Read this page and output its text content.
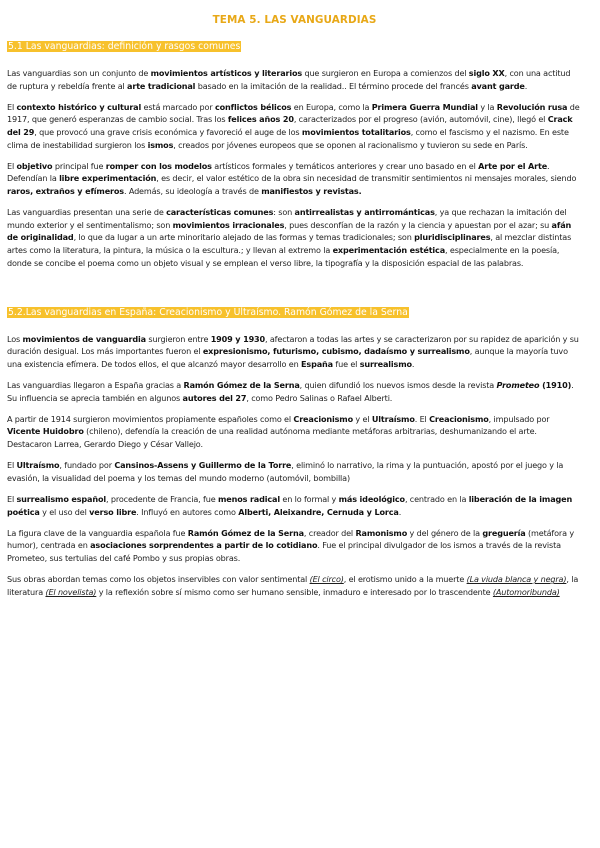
TEMA 5. LAS VANGUARDIAS
5.1 Las vanguardias: definición y rasgos comunes

Las vanguardias son un conjunto de movimientos artísticos y literarios que surgieron en Europa a comienzos del siglo XX, con una actitud de ruptura y rebeldía frente al arte tradicional basado en la imitación de la realidad.. El término procede del francés avant garde.

El contexto histórico y cultural está marcado por conflictos bélicos en Europa, como la Primera Guerra Mundial y la Revolución rusa de 1917, que generó esperanzas de cambio social. Tras los felices años 20, caracterizados por el progreso (avión, automóvil, cine), llegó el Crack del 29, que provocó una grave crisis económica y favoreció el auge de los movimientos totalitarios, como el fascismo y el nazismo. En este clima de inestabilidad surgieron los ismos, creados por jóvenes europeos que se oponen al racionalismo y tuvieron su sede en París.

El objetivo principal fue romper con los modelos artísticos formales y temáticos anteriores y crear uno basado en el Arte por el Arte. Defendían la libre experimentación, es decir, el valor estético de la obra sin necesidad de transmitir sentimientos ni mensajes morales, siendo raros, extraños y efímeros. Además, su ideología a través de manifiestos y revistas.

Las vanguardias presentan una serie de características comunes: son antirrealistas y antirrománticas, ya que rechazan la imitación del mundo exterior y el sentimentalismo; son movimientos irracionales, pues desconfían de la razón y la ciencia y apuestan por el azar; su afán de originalidad, lo que da lugar a un arte minoritario alejado de las formas y temas tradicionales; son pluridisciplinares, al mezclar distintas artes como la literatura, la pintura, la música o la escultura.; y llevan al extremo la experimentación estética, especialmente en la poesía, donde se concibe el poema como un objeto visual y se emplean el verso libre, la tipografía y la disposición espacial de las palabras.

5.2.Las vanguardias en España: Creacionismo y Ultraísmo. Ramón Gómez de la Serna

Los movimientos de vanguardia surgieron entre 1909 y 1930, afectaron a todas las artes y se caracterizaron por su rapidez de aparición y su duración desigual. Los más importantes fueron el expresionismo, futurismo, cubismo, dadaísmo y surrealismo, aunque la mayoría tuvo una existencia efímera. De todos ellos, el que alcanzó mayor desarrollo en España fue el surrealismo.

Las vanguardias llegaron a España gracias a Ramón Gómez de la Serna, quien difundió los nuevos ismos desde la revista Prometeo (1910). Su influencia se aprecia también en algunos autores del 27, como Pedro Salinas o Rafael Alberti.

A partir de 1914 surgieron movimientos propiamente españoles como el Creacionismo y el Ultraísmo. El Creacionismo, impulsado por Vicente Huidobro (chileno), defendía la creación de una realidad autónoma mediante metáforas arbitrarias, deshumanizando el arte. Destacaron Larrea, Gerardo Diego y César Vallejo.

El Ultraísmo, fundado por Cansinos-Assens y Guillermo de la Torre, eliminó lo narrativo, la rima y la puntuación, apostó por el juego y la evasión, la visualidad del poema y los temas del mundo moderno (automóvil, bombilla)

El surrealismo español, procedente de Francia, fue menos radical en lo formal y más ideológico, centrado en la liberación de la imagen poética y el uso del verso libre. Influyó en autores como Alberti, Aleixandre, Cernuda y Lorca.

La figura clave de la vanguardia española fue Ramón Gómez de la Serna, creador del Ramonismo y del género de la greguería (metáfora y humor), centrada en asociaciones sorprendentes a partir de lo cotidiano. Fue el principal divulgador de los ismos a través de la revista Prometeo, sus tertulias del café Pombo y sus propias obras.

Sus obras abordan temas como los objetos inservibles con valor sentimental (El circo), el erotismo unido a la muerte (La viuda blanca y negra), la literatura (El novelista) y la reflexión sobre sí mismo como ser humano sensible, inmaduro e interesado por lo trascendente (Automoribunda)
